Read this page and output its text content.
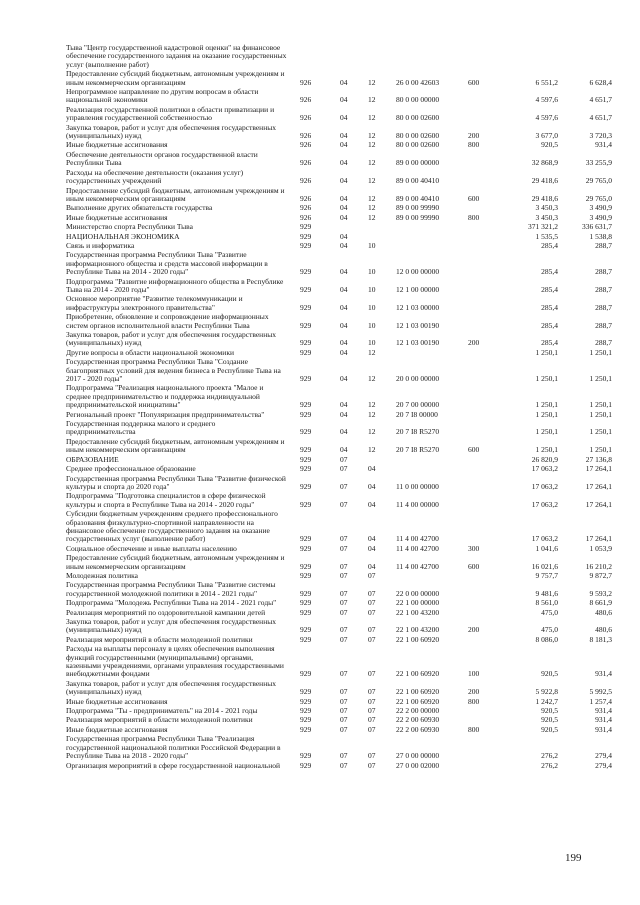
Тыва "Центр государственной кадастровой оценки" на финансовое
обеспечение государственного задания на оказание государственных
услуг (выполнение работ)
Предоставление субсидий бюджетным, автономным учреждениям и
иным некоммерческим организациям	926	04	12	26 0 00 42603	600	6 551,2	6 628,4
Непрограммное направление по другим вопросам в области
национальной экономики	926	04	12	80 0 00 00000	4 597,6	4 651,7
Реализация государственной политики в области приватизации и
управления государственной собственностью	926	04	12	80 0 00 02600	4 597,6	4 651,7
Закупка товаров, работ и услуг для обеспечения государственных
(муниципальных) нужд	926	04	12	80 0 00 02600	200	3 677,0	3 720,3
Иные бюджетные ассигнования	926	04	12	80 0 00 02600	800	920,5	931,4
Обеспечение деятельности органов государственной власти
Республики Тыва	926	04	12	89 0 00 00000	32 868,9	33 255,9
Расходы на обеспечение деятельности (оказания услуг)
государственных учреждений	926	04	12	89 0 00 40410	29 418,6	29 765,0
Предоставление субсидий бюджетным, автономным учреждениям и
иным некоммерческим организациям	926	04	12	89 0 00 40410	600	29 418,6	29 765,0
Выполнение других обязательств государства	926	04	12	89 0 00 99990	3 450,3	3 490,9
Иные бюджетные ассигнования	926	04	12	89 0 00 99990	800	3 450,3	3 490,9
Министерство спорта Республики Тыва	929	371 321,2	336 631,7
НАЦИОНАЛЬНАЯ ЭКОНОМИКА	929	04	1 535,5	1 538,8
Связь и информатика	929	04	10	285,4	288,7
Государственная программа Республики Тыва "Развитие
информационного общества и средств массовой информации в
Республике Тыва на 2014 - 2020 годы"	929	04	10	12 0 00 00000	285,4	288,7
Подпрограмма "Развитие информационного общества в Республике
Тыва на 2014 - 2020 годы"	929	04	10	12 1 00 00000	285,4	288,7
Основное мероприятие "Развитие телекоммуникации и
инфраструктуры электронного правительства"	929	04	10	12 1 03 00000	285,4	288,7
Приобретение, обновление и сопровождение информационных
систем органов исполнительной власти Республики Тыва	929	04	10	12 1 03 00190	285,4	288,7
Закупка товаров, работ и услуг для обеспечения государственных
(муниципальных) нужд	929	04	10	12 1 03 00190	200	285,4	288,7
Другие вопросы в области национальной экономики	929	04	12	1 250,1	1 250,1
Государственная программа Республики Тыва "Создание
благоприятных условий для ведения бизнеса в Республике Тыва на
2017 - 2020 годы"	929	04	12	20 0 00 00000	1 250,1	1 250,1
Подпрограмма "Реализация национального проекта "Малое и
среднее предпринимательство и поддержка индивидуальной
предпринимательской инициативы"	929	04	12	20 7 00 00000	1 250,1	1 250,1
Региональный проект "Популяризация предпринимательства"	929	04	12	20 7 I8 00000	1 250,1	1 250,1
Государственная поддержка малого и среднего
предпринимательства	929	04	12	20 7 I8 R5270	1 250,1	1 250,1
Предоставление субсидий бюджетным, автономным учреждениям и
иным некоммерческим организациям	929	04	12	20 7 I8 R5270	600	1 250,1	1 250,1
ОБРАЗОВАНИЕ	929	07	26 820,9	27 136,8
Среднее профессиональное образование	929	07	04	17 063,2	17 264,1
Государственная программа Республики Тыва "Развитие физической
культуры и спорта до 2020 года"	929	07	04	11 0 00 00000	17 063,2	17 264,1
Подпрограмма "Подготовка специалистов в сфере физической
культуры и спорта в Республике Тыва на 2014 - 2020 годы"	929	07	04	11 4 00 00000	17 063,2	17 264,1
Субсидии бюджетным учреждениям среднего профессионального
образования физкультурно-спортивной направленности на
финансовое обеспечение государственного задания на оказание
государственных услуг (выполнение работ)	929	07	04	11 4 00 42700	17 063,2	17 264,1
Социальное обеспечение и иные выплаты населению	929	07	04	11 4 00 42700	300	1 041,6	1 053,9
Предоставление субсидий бюджетным, автономным учреждениям и
иным некоммерческим организациям	929	07	04	11 4 00 42700	600	16 021,6	16 210,2
Молодежная политика	929	07	07	9 757,7	9 872,7
Государственная программа Республики Тыва "Развитие системы
государственной молодежной политики в 2014 - 2021 годы"	929	07	07	22 0 00 00000	9 481,6	9 593,2
Подпрограмма "Молодежь Республики Тыва на 2014 - 2021 годы"	929	07	07	22 1 00 00000	8 561,0	8 661,9
Реализация мероприятий по оздоровительной кампании детей	929	07	07	22 1 00 43200	475,0	480,6
Закупка товаров, работ и услуг для обеспечения государственных
(муниципальных) нужд	929	07	07	22 1 00 43200	200	475,0	480,6
Реализация мероприятий в области молодежной политики	929	07	07	22 1 00 60920	8 086,0	8 181,3
Расходы на выплаты персоналу в целях обеспечения выполнения
функций государственными (муниципальными) органами,
казенными учреждениями, органами управления государственными
внебюджетными фондами	929	07	07	22 1 00 60920	100	920,5	931,4
Закупка товаров, работ и услуг для обеспечения государственных
(муниципальных) нужд	929	07	07	22 1 00 60920	200	5 922,8	5 992,5
Иные бюджетные ассигнования	929	07	07	22 1 00 60920	800	1 242,7	1 257,4
Подпрограмма "Ты - предприниматель" на 2014 - 2021 годы	929	07	07	22 2 00 00000	920,5	931,4
Реализация мероприятий в области молодежной политики	929	07	07	22 2 00 60930	920,5	931,4
Иные бюджетные ассигнования	929	07	07	22 2 00 60930	800	920,5	931,4
Государственная программа Республики Тыва "Реализация
государственной национальной политики Российской Федерации в
Республике Тыва на 2018 - 2020 годы"	929	07	07	27 0 00 00000	276,2	279,4
Организация мероприятий в сфере государственной национальной	929	07	07	27 0 00 02000	276,2	279,4
199
